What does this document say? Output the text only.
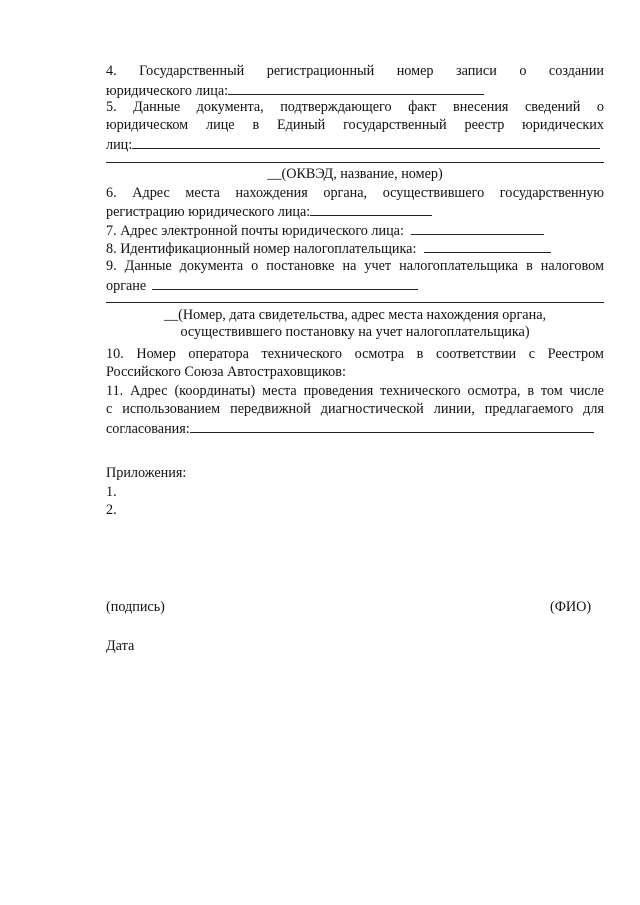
4. Государственный регистрационный номер записи о создании
юридического лица:
5. Данные документа, подтверждающего факт внесения сведений о
юридическом лице в Единый государственный реестр юридических
лиц:
__(ОКВЭД, название, номер)
6. Адрес места нахождения органа, осуществившего государственную
регистрацию юридического лица:
7. Адрес электронной почты юридического лица:
8. Идентификационный номер налогоплательщика:
9. Данные документа о постановке на учет налогоплательщика в налоговом
органе
__(Номер, дата свидетельства, адрес места нахождения органа,
осуществившего постановку на учет налогоплательщика)
10. Номер оператора технического осмотра в соответствии с Реестром
Российского Союза Автостраховщиков:
11. Адрес (координаты) места проведения технического осмотра, в том числе
с использованием передвижной диагностической линии, предлагаемого для
согласования:
Приложения:
1.
2.
(подпись)	(ФИО)
Дата
